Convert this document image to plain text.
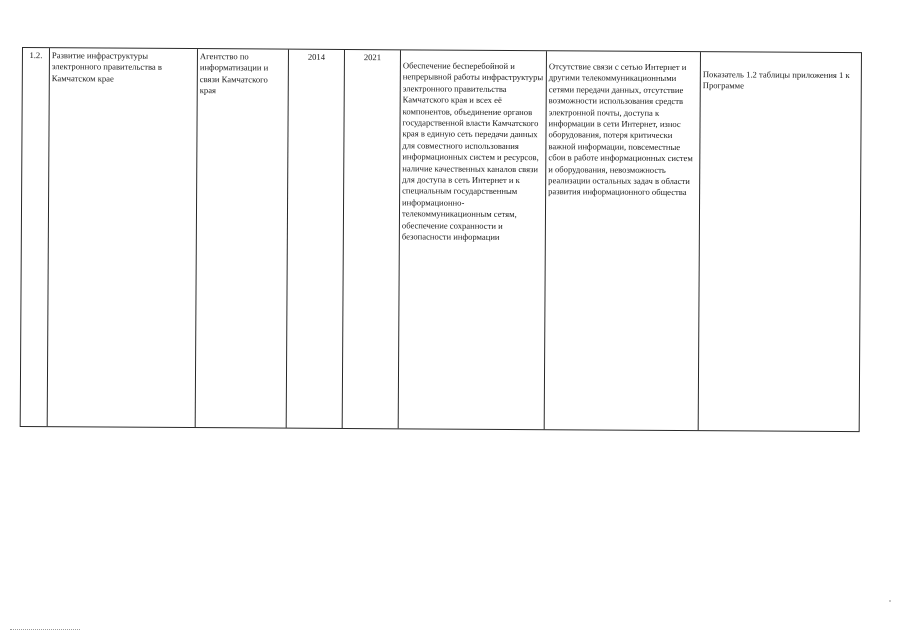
1.2.	Развитие инфраструктуры электронного правительства в Камчатском крае
Агентство по информатизации и связи Камчатского края
2014	2021
Обеспечение бесперебойной и непрерывной работы инфраструктуры электронного правительства Камчатского края и всех её компонентов, объединение органов государственной власти Камчатского края в единую сеть передачи данных для совместного использования информационных систем и ресурсов, наличие качественных каналов связи для доступа в сеть Интернет и к специальным государственным информационно-телекоммуникационным сетям, обеспечение сохранности и безопасности информации
Отсутствие связи с сетью Интернет и другими телекоммуникационными сетями передачи данных, отсутствие возможности использования средств электронной почты, доступа к информации в сети Интернет, износ оборудования, потеря критически важной информации, повсеместные сбои в работе информационных систем и оборудования, невозможность реализации остальных задач в области развития информационного общества
Показатель 1.2 таблицы приложения 1 к Программе
